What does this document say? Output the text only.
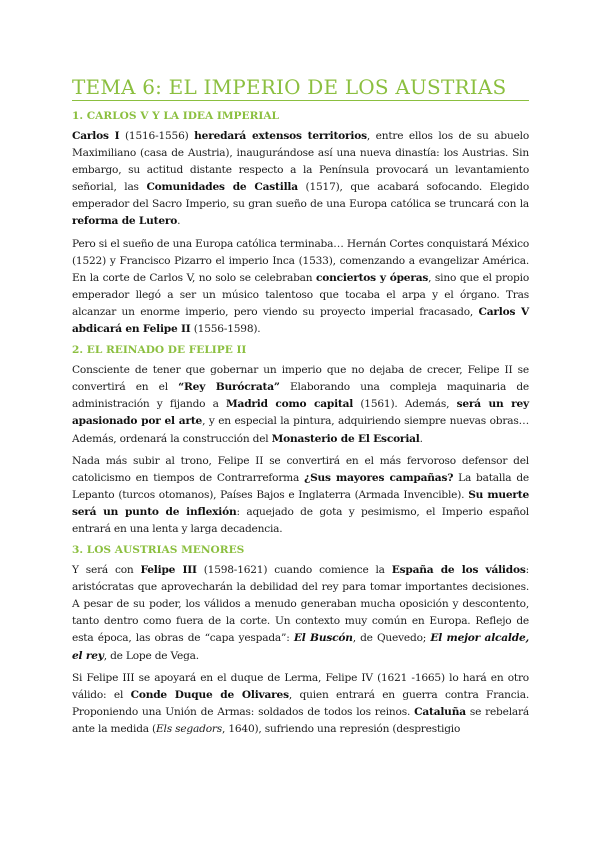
TEMA 6: EL IMPERIO DE LOS AUSTRIAS
1. CARLOS V Y LA IDEA IMPERIAL

Carlos I (1516-1556) heredará extensos territorios, entre ellos los de su abuelo Maximiliano (casa de Austria), inaugurándose así una nueva dinastía: los Austrias. Sin embargo, su actitud distante respecto a la Península provocará un levantamiento señorial, las Comunidades de Castilla (1517), que acabará sofocando. Elegido emperador del Sacro Imperio, su gran sueño de una Europa católica se truncará con la reforma de Lutero.

Pero si el sueño de una Europa católica terminaba… Hernán Cortes conquistará México (1522) y Francisco Pizarro el imperio Inca (1533), comenzando a evangelizar América. En la corte de Carlos V, no solo se celebraban conciertos y óperas, sino que el propio emperador llegó a ser un músico talentoso que tocaba el arpa y el órgano. Tras alcanzar un enorme imperio, pero viendo su proyecto imperial fracasado, Carlos V abdicará en Felipe II (1556-1598).

2. EL REINADO DE FELIPE II

Consciente de tener que gobernar un imperio que no dejaba de crecer, Felipe II se convertirá en el “Rey Burócrata” Elaborando una compleja maquinaria de administración y fijando a Madrid como capital (1561). Además, será un rey apasionado por el arte, y en especial la pintura, adquiriendo siempre nuevas obras… Además, ordenará la construcción del Monasterio de El Escorial.

Nada más subir al trono, Felipe II se convertirá en el más fervoroso defensor del catolicismo en tiempos de Contrarreforma ¿Sus mayores campañas? La batalla de Lepanto (turcos otomanos), Países Bajos e Inglaterra (Armada Invencible). Su muerte será un punto de inflexión: aquejado de gota y pesimismo, el Imperio español entrará en una lenta y larga decadencia.

3. LOS AUSTRIAS MENORES

Y será con Felipe III (1598-1621) cuando comience la España de los válidos: aristócratas que aprovecharán la debilidad del rey para tomar importantes decisiones. A pesar de su poder, los válidos a menudo generaban mucha oposición y descontento, tanto dentro como fuera de la corte. Un contexto muy común en Europa. Reflejo de esta época, las obras de “capa yespada”: El Buscón, de Quevedo; El mejor alcalde, el rey, de Lope de Vega.

Si Felipe III se apoyará en el duque de Lerma, Felipe IV (1621 -1665) lo hará en otro válido: el Conde Duque de Olivares, quien entrará en guerra contra Francia. Proponiendo una Unión de Armas: soldados de todos los reinos. Cataluña se rebelará ante la medida (Els segadors, 1640), sufriendo una represión (desprestigio
